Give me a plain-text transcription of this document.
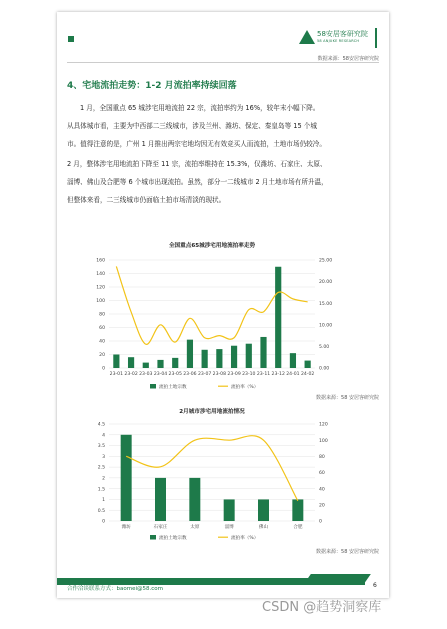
58安居客研究院
58 ANJUKE RESEARCH
数据来源：58安居客研究院
4、宅地流拍走势：1-2 月流拍率持续回落
1 月，全国重点 65 城涉宅用地流拍 22 宗，流拍率约为 16%，较年末小幅下降。
从具体城市看，主要为中西部二三线城市，涉及兰州、潍坊、保定、秦皇岛等 15 个城
市。值得注意的是，广州 1 月推出两宗宅地均因无有效竞买人而流拍，土地市场仍较冷。
2 月，整体涉宅用地流拍下降至 11 宗，流拍率维持在 15.3%，仅潍坊、石家庄、太原、
淄博、佛山及合肥等 6 个城市出现流拍。虽然，部分一二线城市 2 月土地市场有所升温，
但整体来看，二三线城市仍面临土拍市场清淡的现状。
全国重点65城涉宅用地流拍率走势
0
20
40
60
80
100
120
140
160
0.00
5.00
10.00
15.00
20.00
25.00
23-01 23-02 23-03 23-04 23-05 23-06 23-07 23-08 23-09 23-10 23-11 23-12 24-01 24-02
流拍土地宗数	流拍率（%）
数据来源：58 安居客研究院
2月城市涉宅用地流拍情况
0
0.5
1
1.5
2
2.5
3
3.5
4
4.5
0
20
40
60
80
100
120
潍坊	石家庄	太原	淄博	佛山	合肥
流拍土地宗数	流拍率（%）
数据来源：58 安居客研究院
合作洽谈联系方式：baomei@58.com	6
CSDN @趋势洞察库
